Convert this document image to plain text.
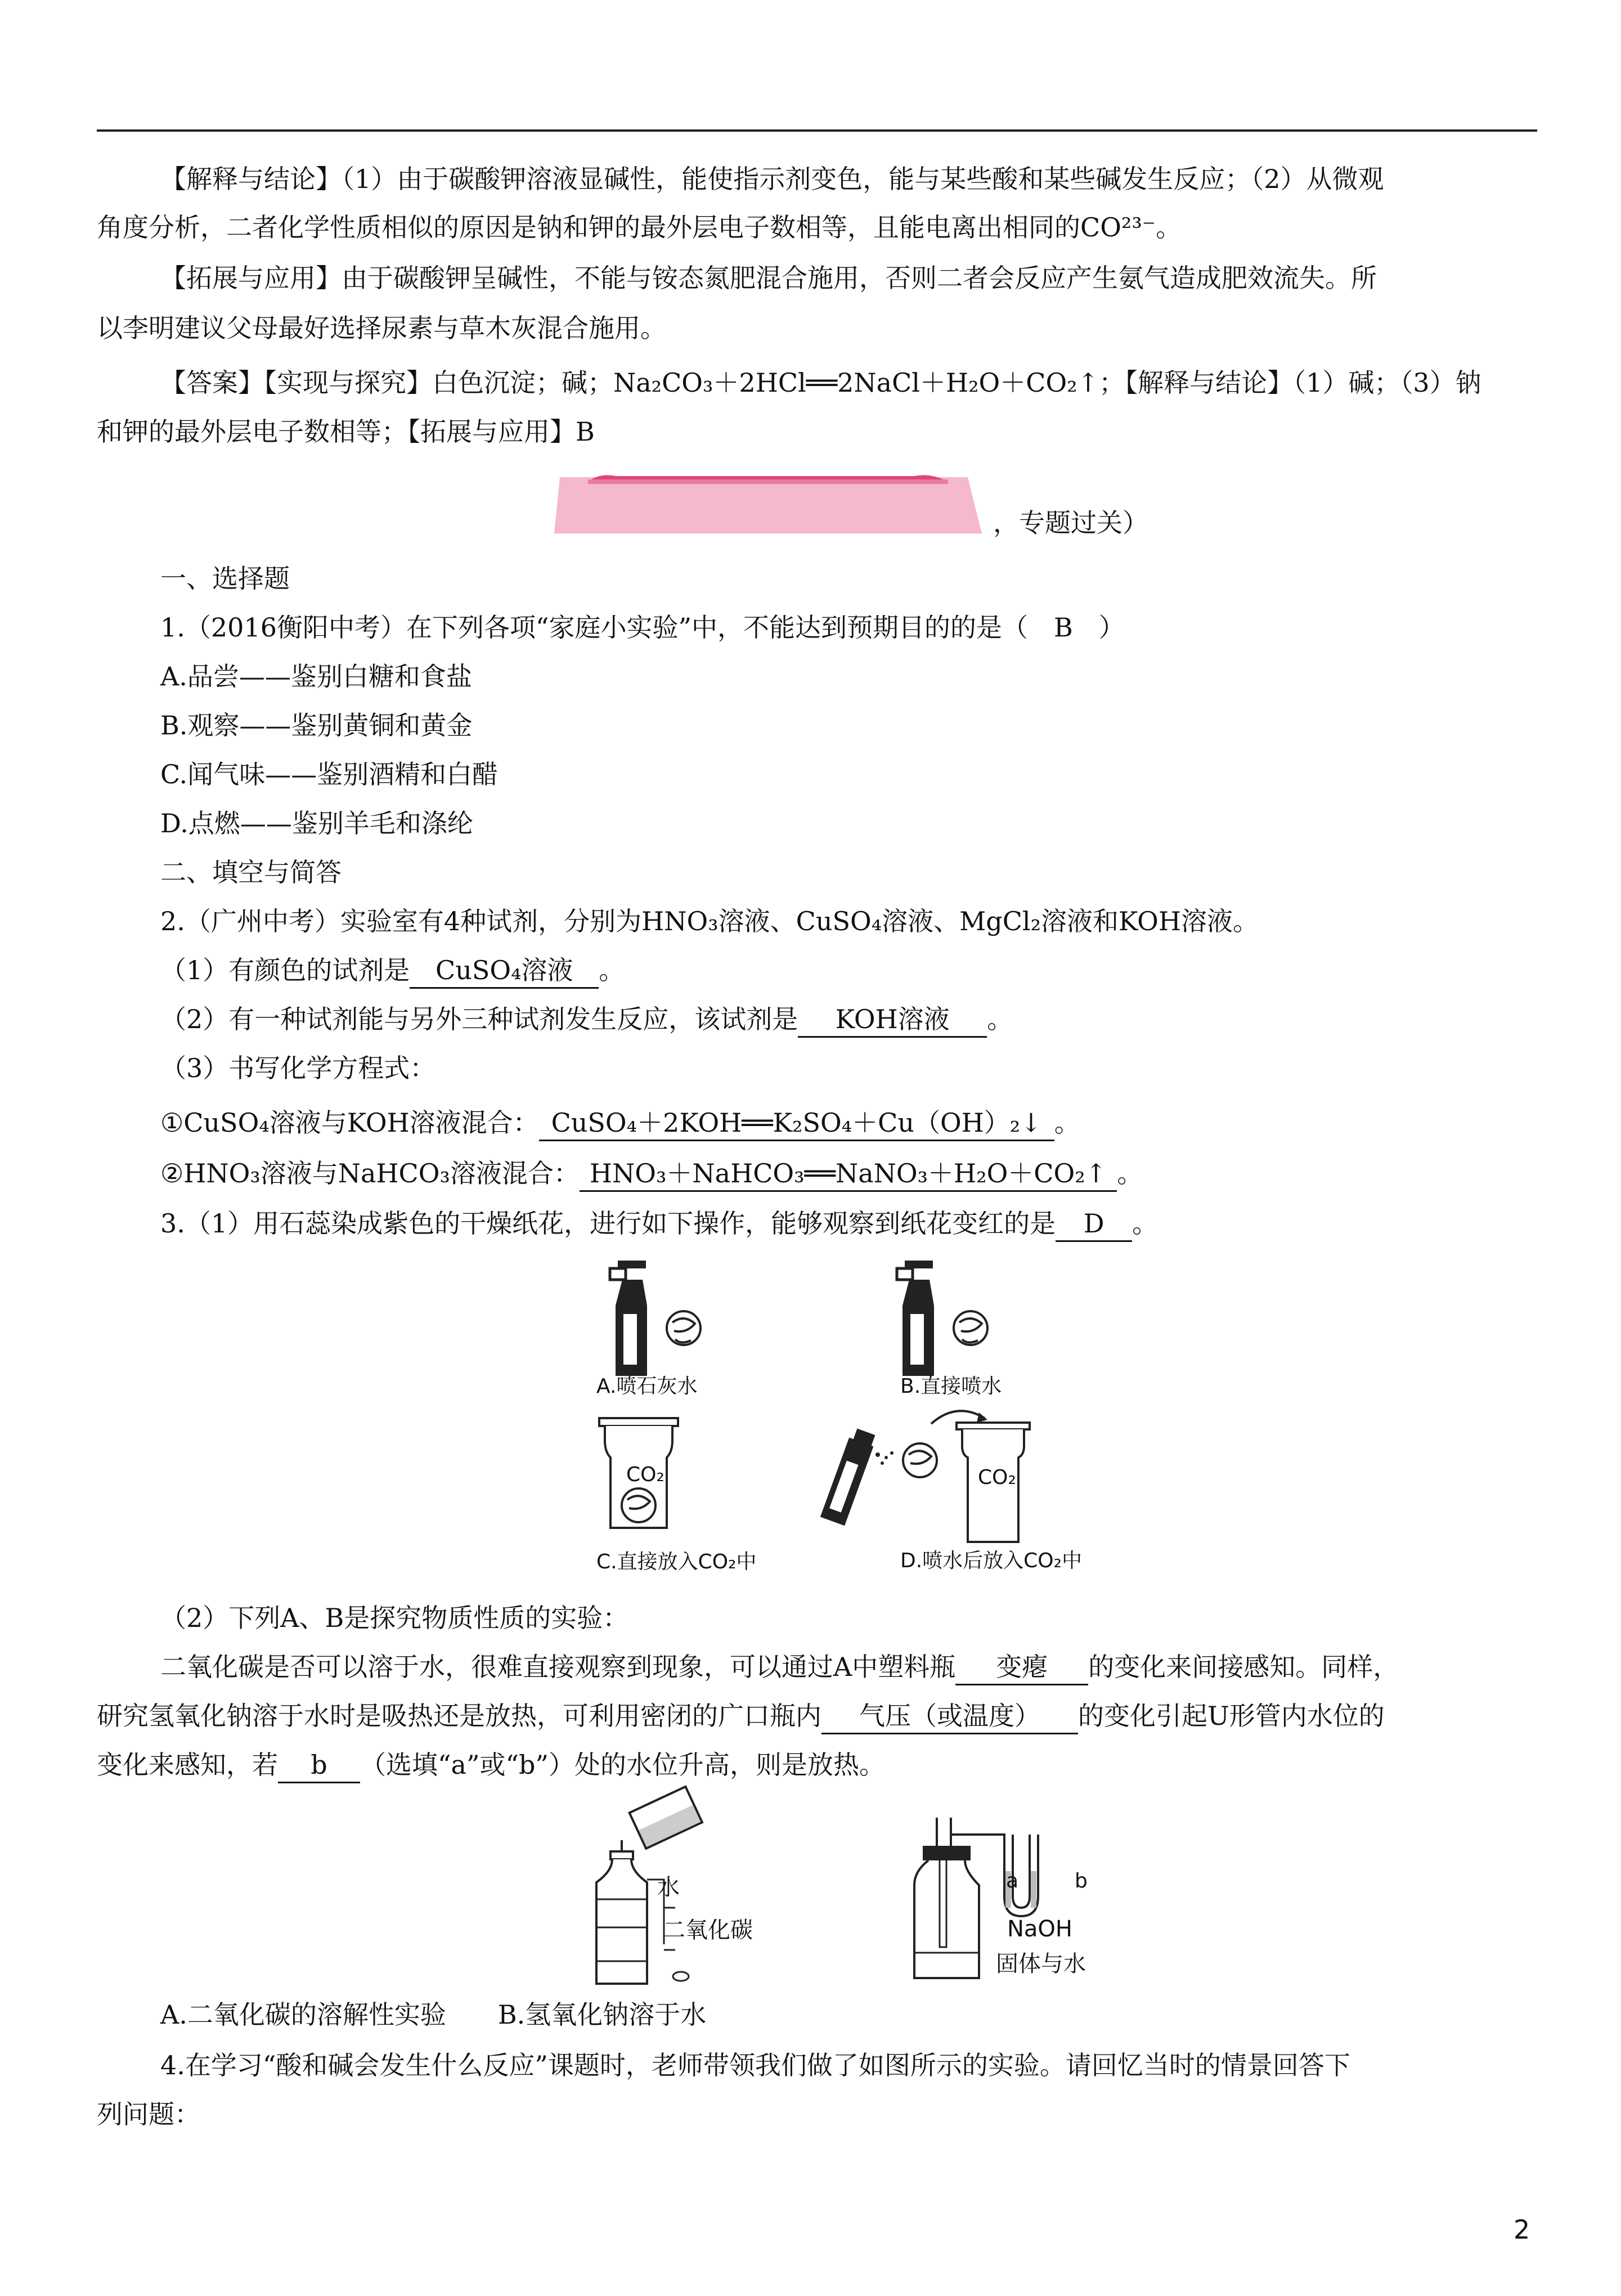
【解释与结论】（1）由于碳酸钾溶液显碱性，能使指示剂变色，能与某些酸和某些碱发生反应；（2）从微观
角度分析，二者化学性质相似的原因是钠和钾的最外层电子数相等，且能电离出相同的CO²³⁻。
【拓展与应用】由于碳酸钾呈碱性，不能与铵态氮肥混合施用，否则二者会反应产生氨气造成肥效流失。所
以李明建议父母最好选择尿素与草木灰混合施用。
【答案】【实现与探究】白色沉淀；碱；Na₂CO₃＋2HCl══2NaCl＋H₂O＋CO₂↑；【解释与结论】（1）碱；（3）钠
和钾的最外层电子数相等；【拓展与应用】B
，专题过关）
一、选择题
1.（2016衡阳中考）在下列各项“家庭小实验”中，不能达到预期目的的是（　B　）
A.品尝——鉴别白糖和食盐
B.观察——鉴别黄铜和黄金
C.闻气味——鉴别酒精和白醋
D.点燃——鉴别羊毛和涤纶
二、填空与简答
2.（广州中考）实验室有4种试剂，分别为HNO₃溶液、CuSO₄溶液、MgCl₂溶液和KOH溶液。
（1）有颜色的试剂是 CuSO₄溶液 。
（2）有一种试剂能与另外三种试剂发生反应，该试剂是 KOH溶液 。
（3）书写化学方程式：
①CuSO₄溶液与KOH溶液混合： CuSO₄＋2KOH══K₂SO₄＋Cu（OH）₂↓ 。
②HNO₃溶液与NaHCO₃溶液混合： HNO₃＋NaHCO₃══NaNO₃＋H₂O＋CO₂↑ 。
3.（1）用石蕊染成紫色的干燥纸花，进行如下操作，能够观察到纸花变红的是 D 。
A.喷石灰水	B.直接喷水
CO₂
C.直接放入CO₂中
CO₂
D.喷水后放入CO₂中
（2）下列A、B是探究物质性质的实验：
二氧化碳是否可以溶于水，很难直接观察到现象，可以通过A中塑料瓶 变瘪 的变化来间接感知。同样，
研究氢氧化钠溶于水时是吸热还是放热，可利用密闭的广口瓶内 气压（或温度） 的变化引起U形管内水位的
变化来感知，若 b （选填“a”或“b”）处的水位升高，则是放热。
水
二氧化碳
a	b
NaOH
固体与水
A.二氧化碳的溶解性实验　　B.氢氧化钠溶于水
4.在学习“酸和碱会发生什么反应”课题时，老师带领我们做了如图所示的实验。请回忆当时的情景回答下
列问题：
2
